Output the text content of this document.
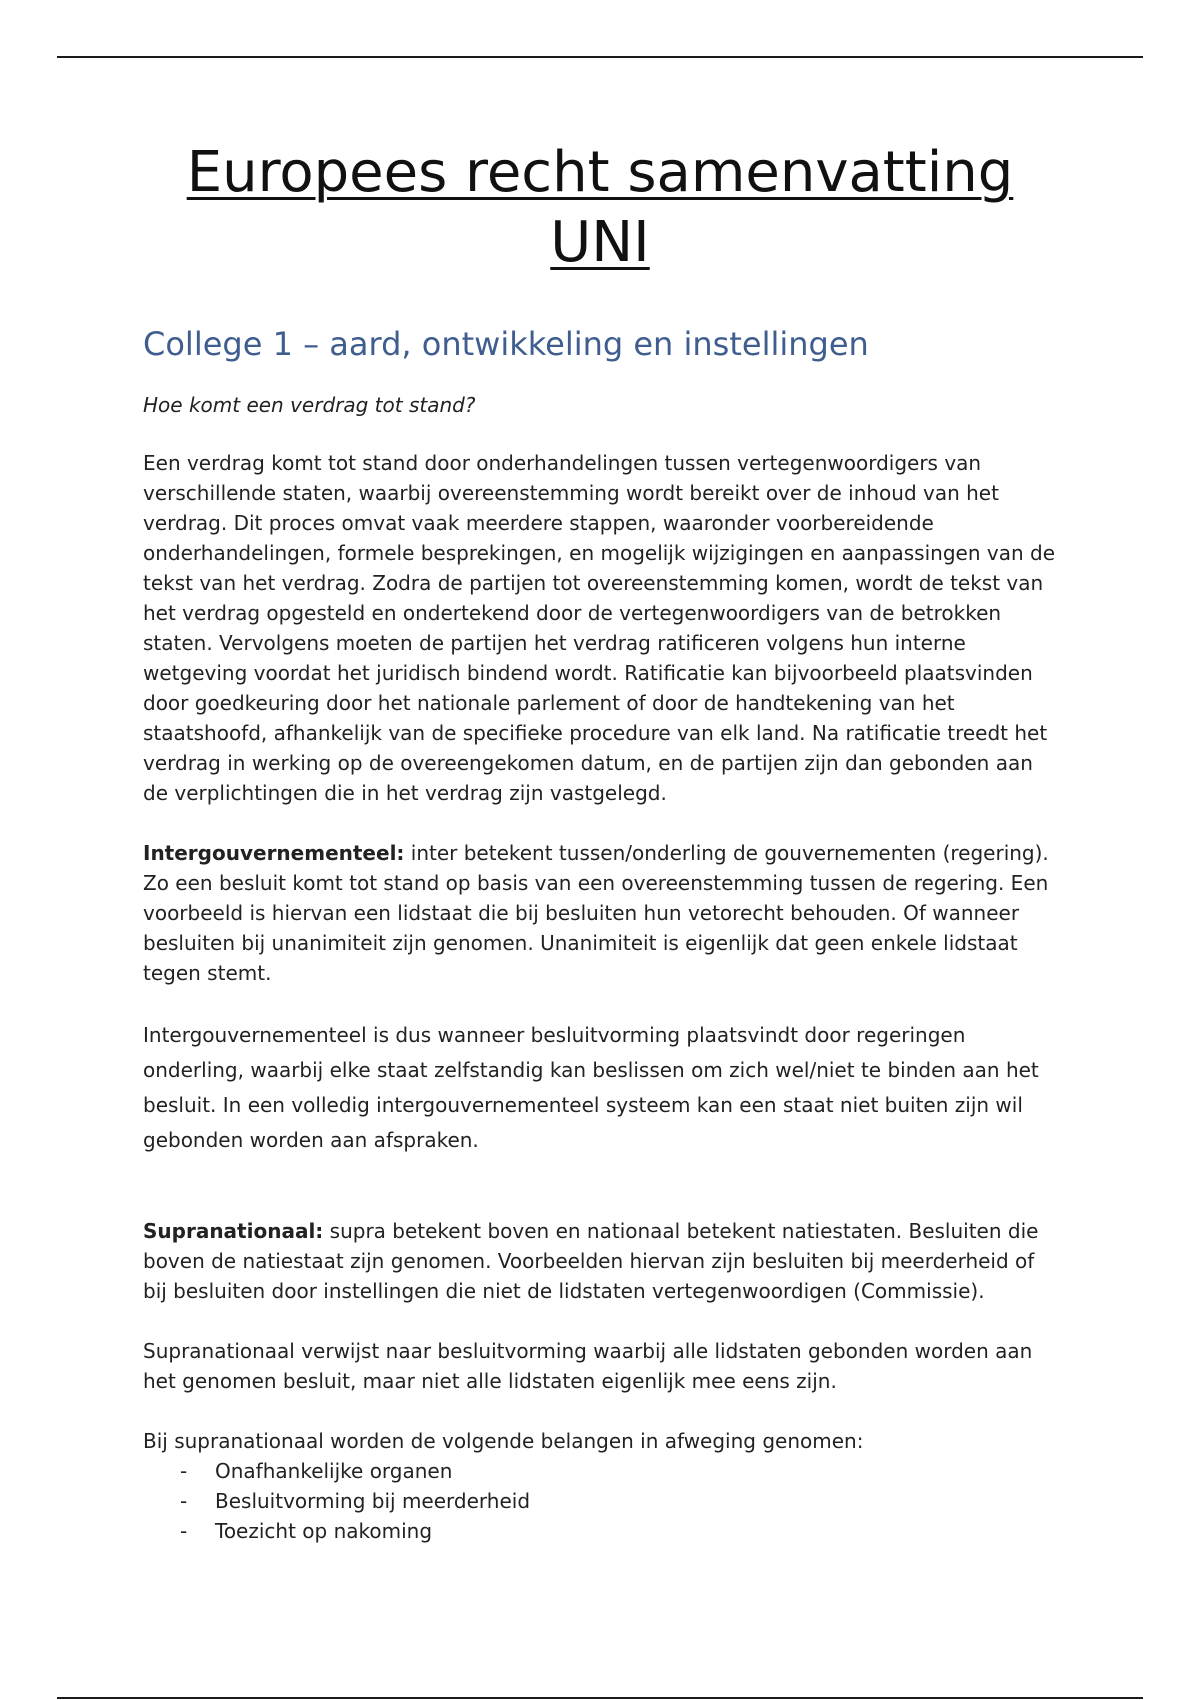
Europees recht samenvatting
UNI
College 1 – aard, ontwikkeling en instellingen
Hoe komt een verdrag tot stand?

Een verdrag komt tot stand door onderhandelingen tussen vertegenwoordigers van verschillende staten, waarbij overeenstemming wordt bereikt over de inhoud van het verdrag. Dit proces omvat vaak meerdere stappen, waaronder voorbereidende onderhandelingen, formele besprekingen, en mogelijk wijzigingen en aanpassingen van de tekst van het verdrag. Zodra de partijen tot overeenstemming komen, wordt de tekst van het verdrag opgesteld en ondertekend door de vertegenwoordigers van de betrokken staten. Vervolgens moeten de partijen het verdrag ratificeren volgens hun interne wetgeving voordat het juridisch bindend wordt. Ratificatie kan bijvoorbeeld plaatsvinden door goedkeuring door het nationale parlement of door de handtekening van het staatshoofd, afhankelijk van de specifieke procedure van elk land. Na ratificatie treedt het verdrag in werking op de overeengekomen datum, en de partijen zijn dan gebonden aan de verplichtingen die in het verdrag zijn vastgelegd.

Intergouvernementeel: inter betekent tussen/onderling de gouvernementen (regering). Zo een besluit komt tot stand op basis van een overeenstemming tussen de regering. Een voorbeeld is hiervan een lidstaat die bij besluiten hun vetorecht behouden. Of wanneer besluiten bij unanimiteit zijn genomen. Unanimiteit is eigenlijk dat geen enkele lidstaat tegen stemt.

Intergouvernementeel is dus wanneer besluitvorming plaatsvindt door regeringen onderling, waarbij elke staat zelfstandig kan beslissen om zich wel/niet te binden aan het besluit. In een volledig intergouvernementeel systeem kan een staat niet buiten zijn wil gebonden worden aan afspraken.

Supranationaal: supra betekent boven en nationaal betekent natiestaten. Besluiten die boven de natiestaat zijn genomen. Voorbeelden hiervan zijn besluiten bij meerderheid of bij besluiten door instellingen die niet de lidstaten vertegenwoordigen (Commissie).

Supranationaal verwijst naar besluitvorming waarbij alle lidstaten gebonden worden aan het genomen besluit, maar niet alle lidstaten eigenlijk mee eens zijn.

Bij supranationaal worden de volgende belangen in afweging genomen:

- Onafhankelijke organen
- Besluitvorming bij meerderheid
- Toezicht op nakoming
